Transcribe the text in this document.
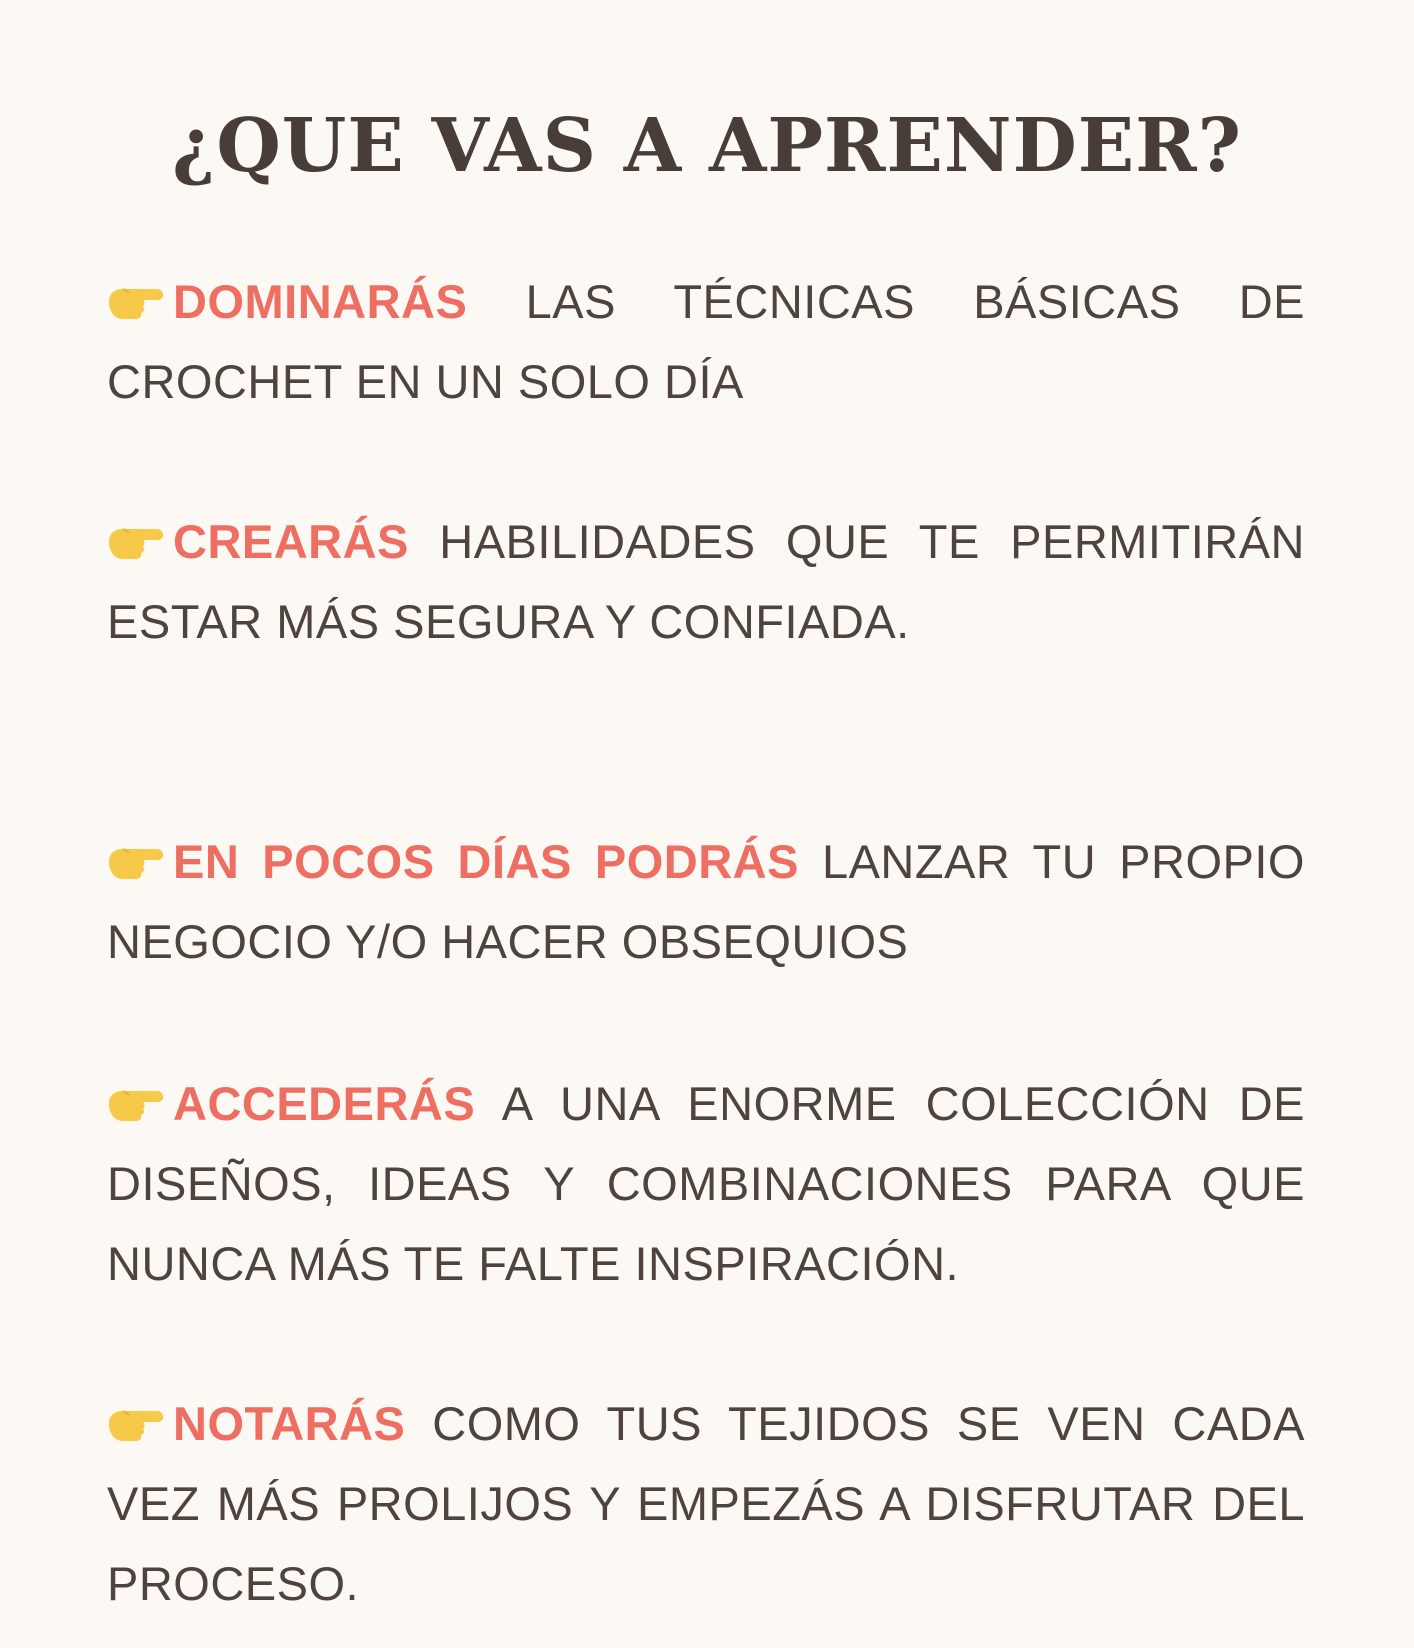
¿QUE VAS A APRENDER?

DOMINARÁS LAS TÉCNICAS BÁSICAS DE CROCHET EN UN SOLO DÍA

CREARÁS HABILIDADES QUE TE PERMITIRÁN ESTAR MÁS SEGURA Y CONFIADA.

EN POCOS DÍAS PODRÁS LANZAR TU PROPIO NEGOCIO Y/O HACER OBSEQUIOS

ACCEDERÁS A UNA ENORME COLECCIÓN DE DISEÑOS, IDEAS Y COMBINACIONES PARA QUE NUNCA MÁS TE FALTE INSPIRACIÓN.

NOTARÁS COMO TUS TEJIDOS SE VEN CADA VEZ MÁS PROLIJOS Y EMPEZÁS A DISFRUTAR DEL PROCESO.
